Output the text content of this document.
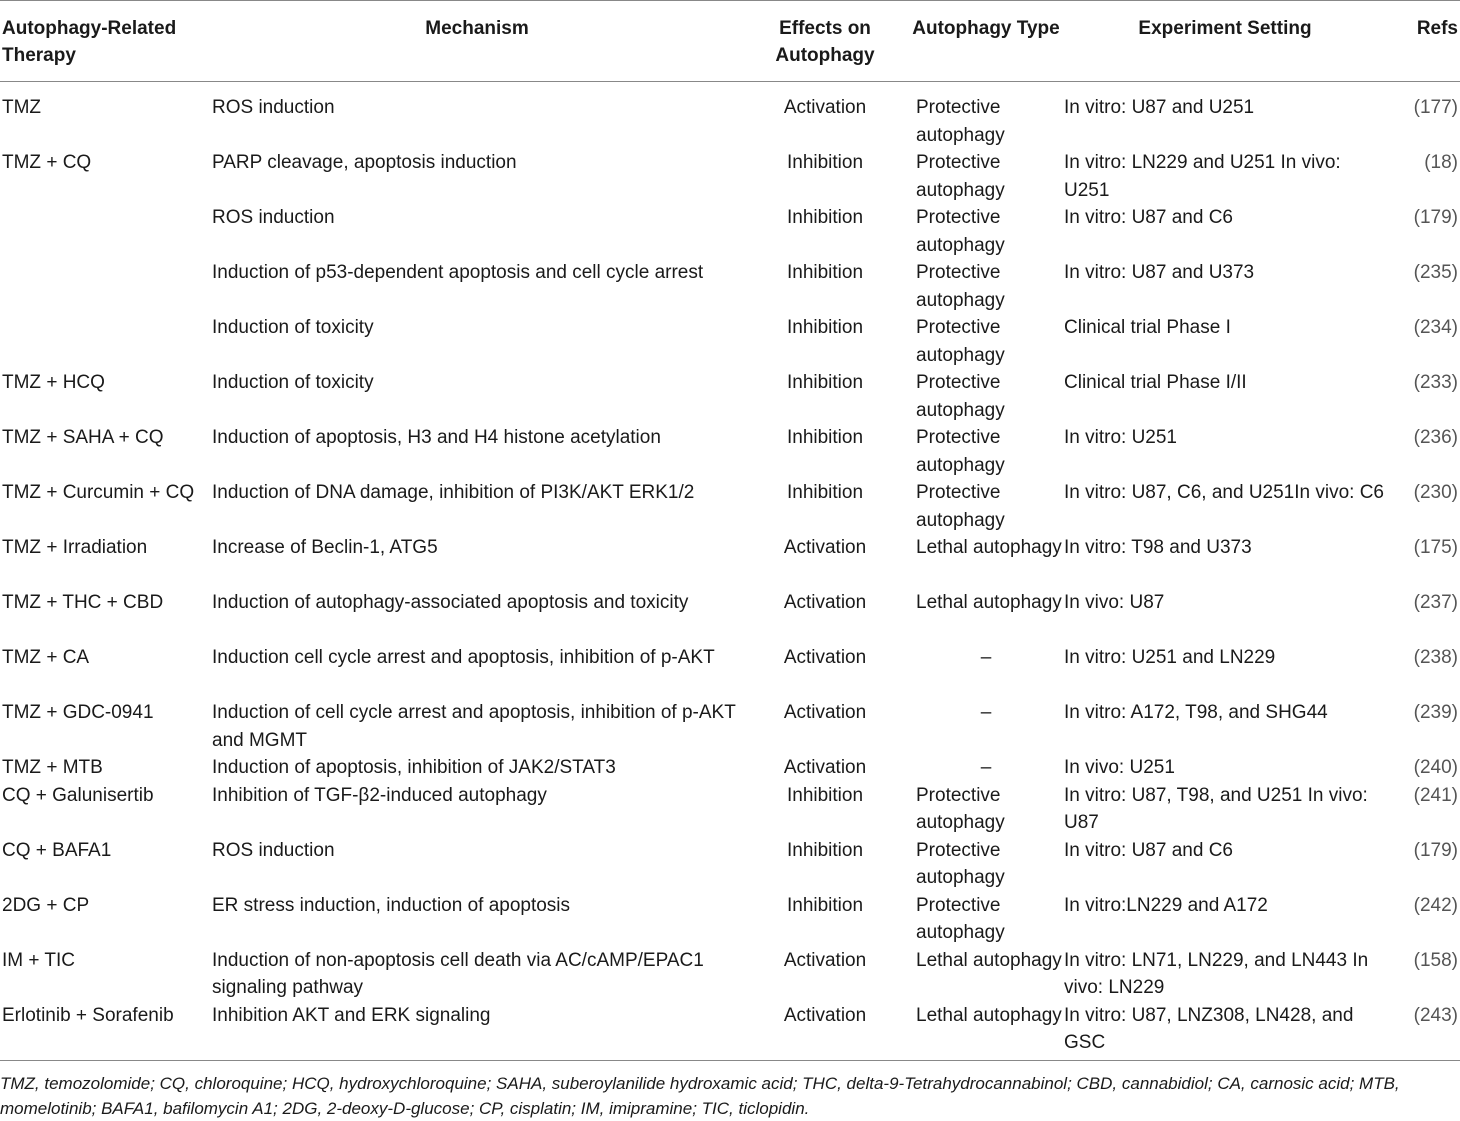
Autophagy-Related Therapy	Mechanism	Effects on Autophagy	Autophagy Type	Experiment Setting	Refs
TMZ	ROS induction	Activation	Protective autophagy	In vitro: U87 and U251	(177)
TMZ + CQ	PARP cleavage, apoptosis induction	Inhibition	Protective autophagy	In vitro: LN229 and U251 In vivo: U251	(18)
	ROS induction	Inhibition	Protective autophagy	In vitro: U87 and C6	(179)
	Induction of p53-dependent apoptosis and cell cycle arrest	Inhibition	Protective autophagy	In vitro: U87 and U373	(235)
	Induction of toxicity	Inhibition	Protective autophagy	Clinical trial Phase I	(234)
TMZ + HCQ	Induction of toxicity	Inhibition	Protective autophagy	Clinical trial Phase I/II	(233)
TMZ + SAHA + CQ	Induction of apoptosis, H3 and H4 histone acetylation	Inhibition	Protective autophagy	In vitro: U251	(236)
TMZ + Curcumin + CQ	Induction of DNA damage, inhibition of PI3K/AKT ERK1/2	Inhibition	Protective autophagy	In vitro: U87, C6, and U251In vivo: C6	(230)
TMZ + Irradiation	Increase of Beclin-1, ATG5	Activation	Lethal autophagy	In vitro: T98 and U373	(175)
TMZ + THC + CBD	Induction of autophagy-associated apoptosis and toxicity	Activation	Lethal autophagy	In vivo: U87	(237)
TMZ + CA	Induction cell cycle arrest and apoptosis, inhibition of p-AKT	Activation	–	In vitro: U251 and LN229	(238)
TMZ + GDC-0941	Induction of cell cycle arrest and apoptosis, inhibition of p-AKT and MGMT	Activation	–	In vitro: A172, T98, and SHG44	(239)
TMZ + MTB	Induction of apoptosis, inhibition of JAK2/STAT3	Activation	–	In vivo: U251	(240)
CQ + Galunisertib	Inhibition of TGF-β2-induced autophagy	Inhibition	Protective autophagy	In vitro: U87, T98, and U251 In vivo: U87	(241)
CQ + BAFA1	ROS induction	Inhibition	Protective autophagy	In vitro: U87 and C6	(179)
2DG + CP	ER stress induction, induction of apoptosis	Inhibition	Protective autophagy	In vitro:LN229 and A172	(242)
IM + TIC	Induction of non-apoptosis cell death via AC/cAMP/EPAC1 signaling pathway	Activation	Lethal autophagy	In vitro: LN71, LN229, and LN443 In vivo: LN229	(158)
Erlotinib + Sorafenib	Inhibition AKT and ERK signaling	Activation	Lethal autophagy	In vitro: U87, LNZ308, LN428, and GSC	(243)
TMZ, temozolomide; CQ, chloroquine; HCQ, hydroxychloroquine; SAHA, suberoylanilide hydroxamic acid; THC, delta-9-Tetrahydrocannabinol; CBD, cannabidiol; CA, carnosic acid; MTB, momelotinib; BAFA1, bafilomycin A1; 2DG, 2-deoxy-D-glucose; CP, cisplatin; IM, imipramine; TIC, ticlopidin.
